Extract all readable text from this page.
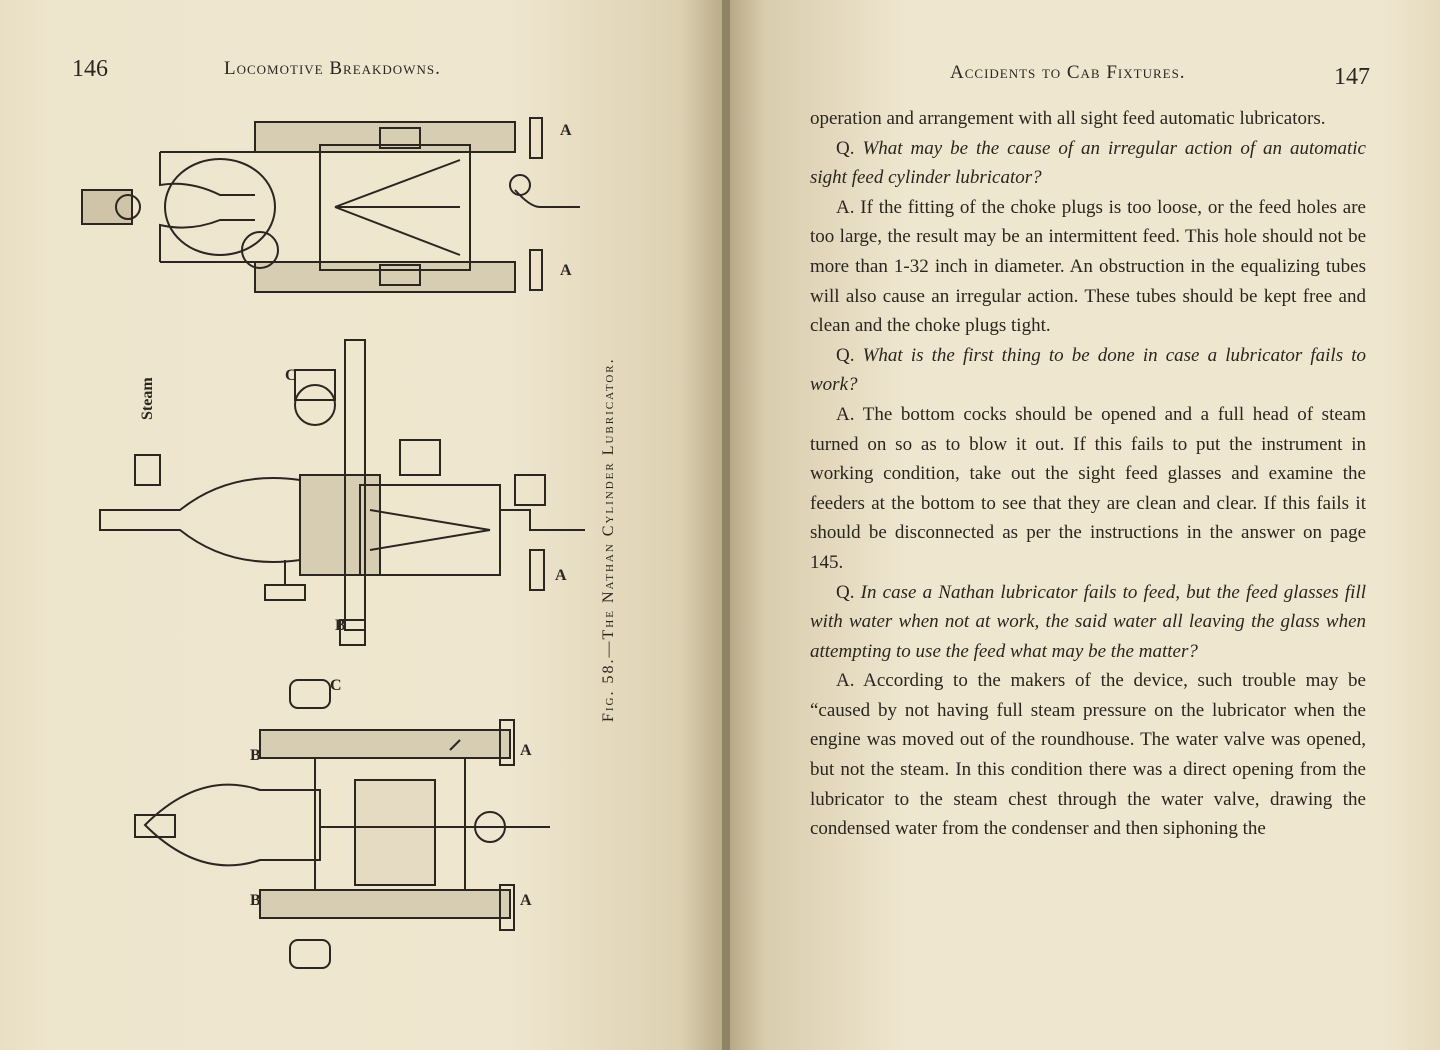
146	Locomotive Breakdowns.
A
A
Steam
C
B
A
C
B	A
B	A
Fig. 58.—The Nathan Cylinder Lubricator.
Accidents to Cab Fixtures.	147

operation and arrangement with all sight feed automatic lubricators.

Q. What may be the cause of an irregular action of an automatic sight feed cylinder lubricator?

A. If the fitting of the choke plugs is too loose, or the feed holes are too large, the result may be an intermittent feed. This hole should not be more than 1-32 inch in diameter. An obstruction in the equalizing tubes will also cause an irregular action. These tubes should be kept free and clean and the choke plugs tight.

Q. What is the first thing to be done in case a lubricator fails to work?

A. The bottom cocks should be opened and a full head of steam turned on so as to blow it out. If this fails to put the instrument in working condition, take out the sight feed glasses and examine the feeders at the bottom to see that they are clean and clear. If this fails it should be disconnected as per the instructions in the answer on page 145.

Q. In case a Nathan lubricator fails to feed, but the feed glasses fill with water when not at work, the said water all leaving the glass when attempting to use the feed what may be the matter?

A. According to the makers of the device, such trouble may be “caused by not having full steam pressure on the lubricator when the engine was moved out of the roundhouse. The water valve was opened, but not the steam. In this condition there was a direct opening from the lubricator to the steam chest through the water valve, drawing the condensed water from the condenser and then siphoning the
